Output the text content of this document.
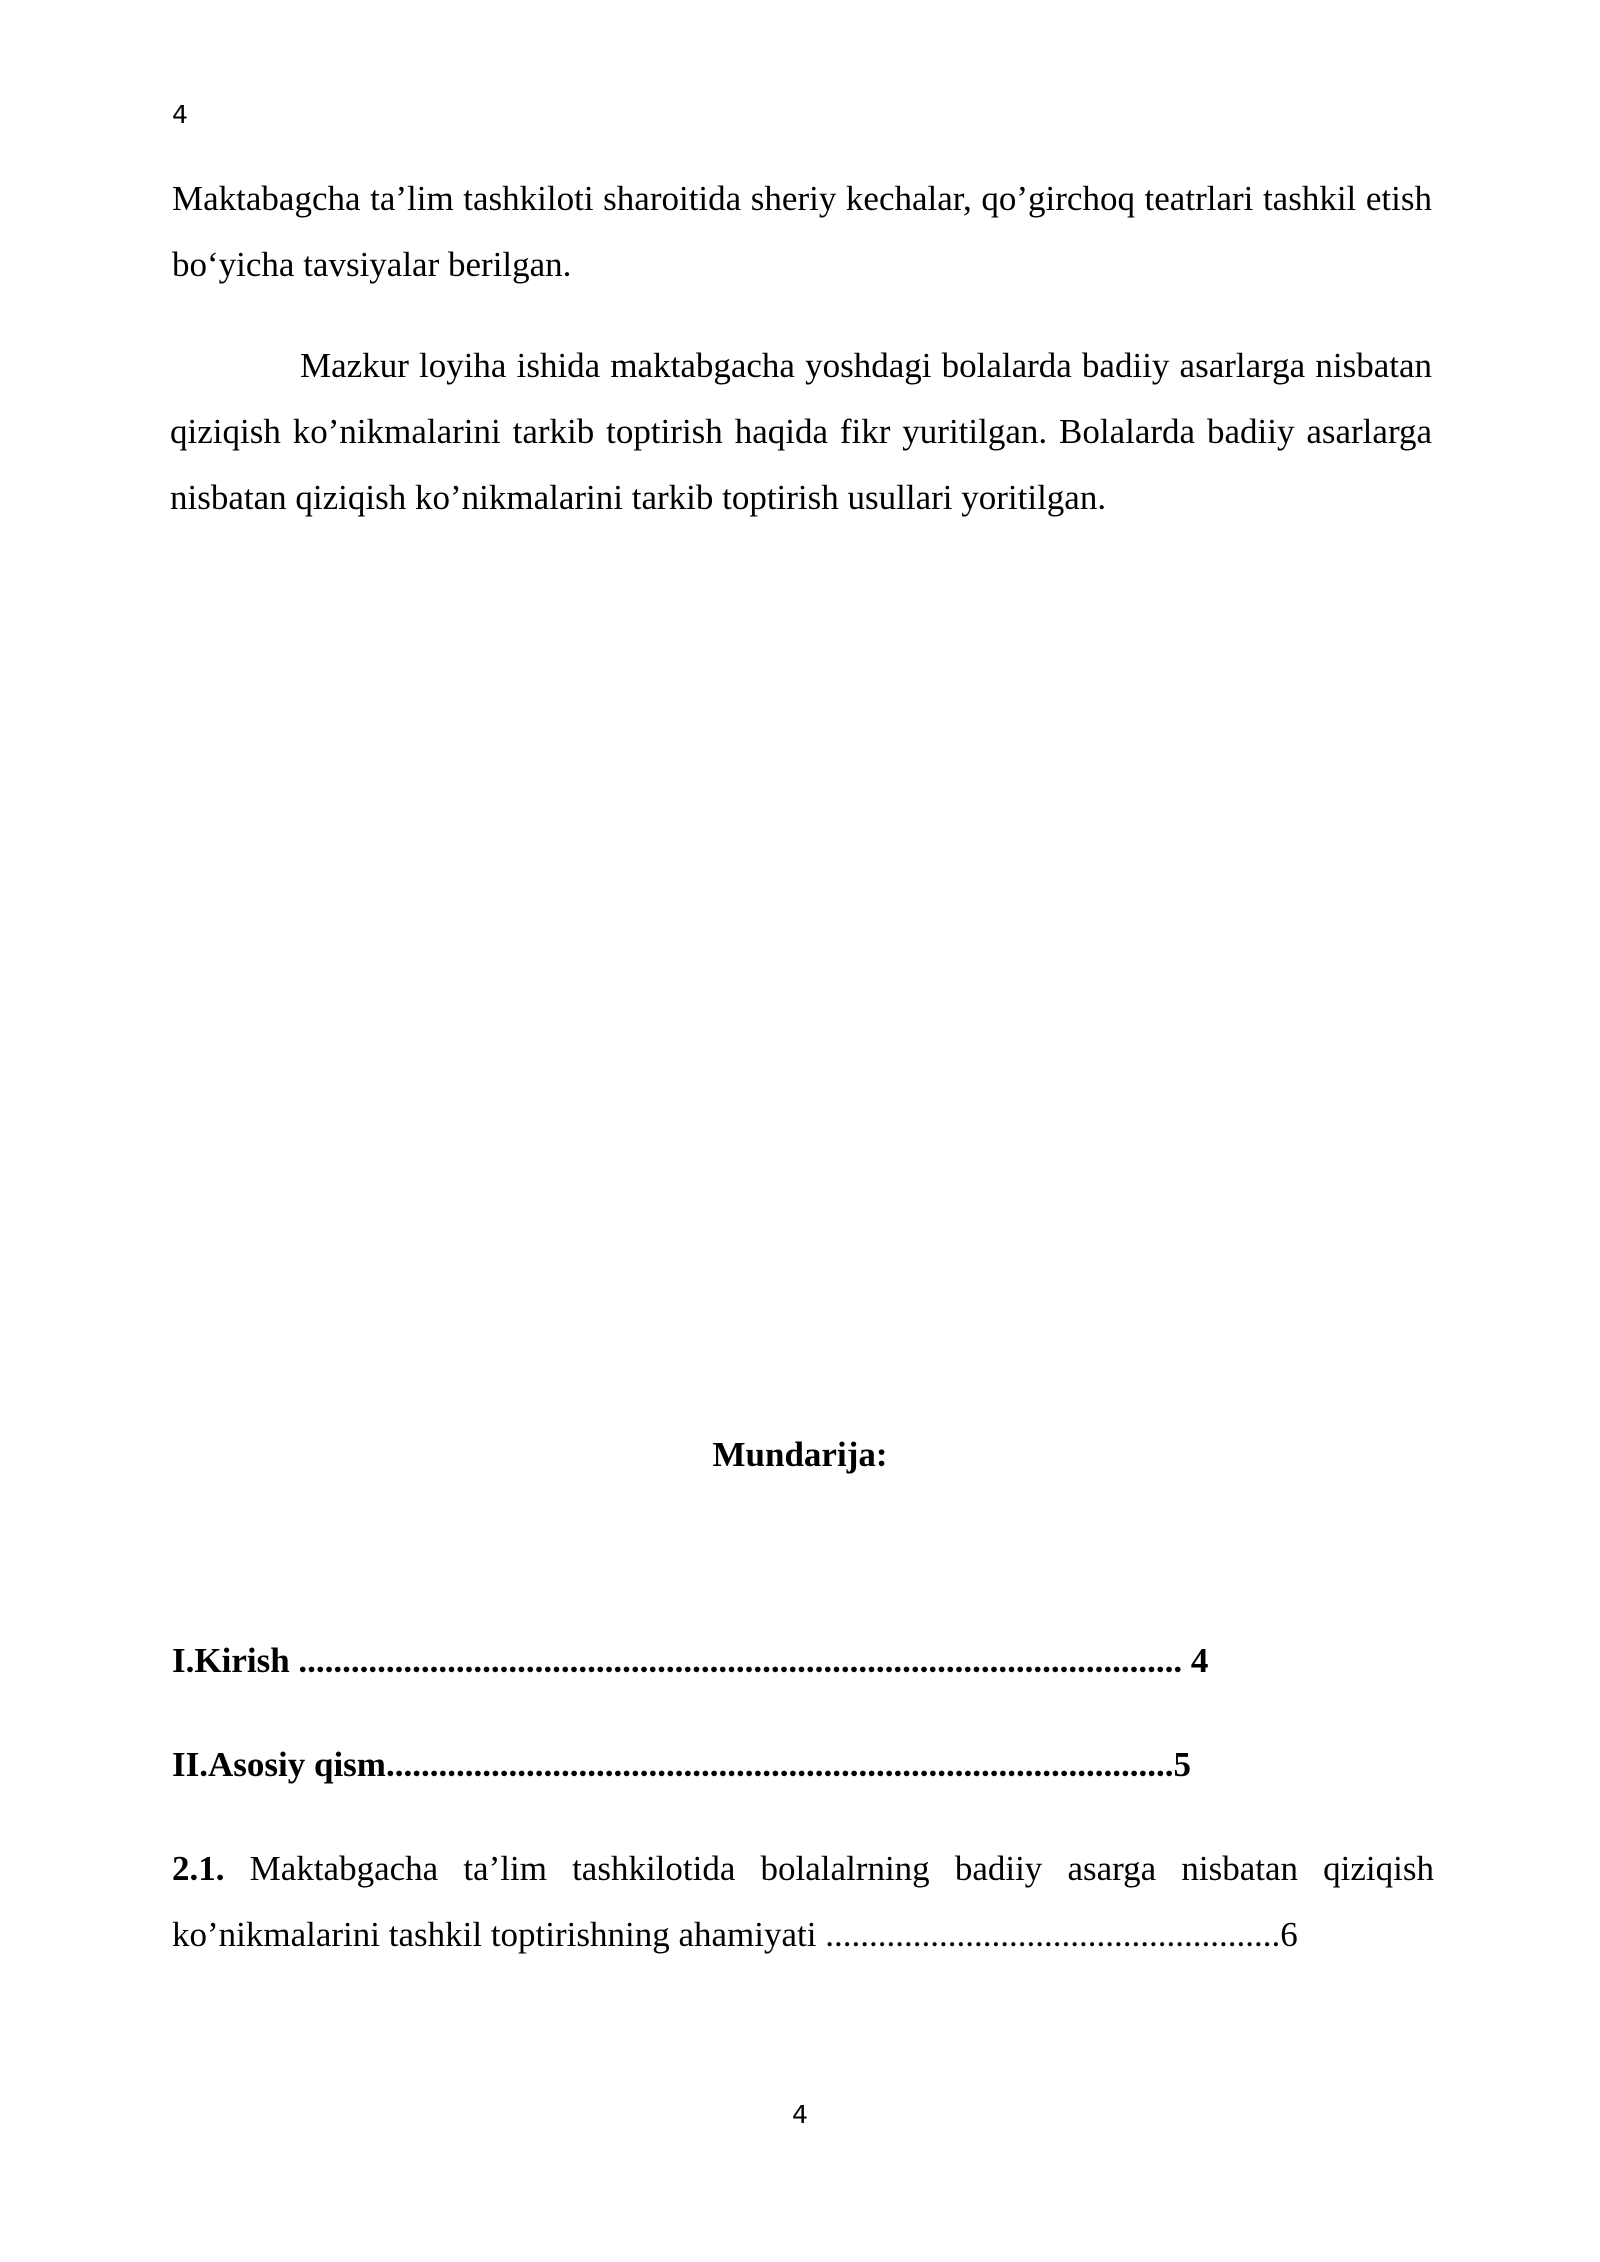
4

Maktabagcha ta’lim tashkiloti sharoitida sheriy kechalar, qo’girchoq teatrlari tashkil etish bo‘yicha tavsiyalar berilgan.

Mazkur loyiha ishida maktabgacha yoshdagi bolalarda badiiy asarlarga nisbatan qiziqish ko’nikmalarini tarkib toptirish haqida fikr yuritilgan. Bolalarda badiiy asarlarga nisbatan qiziqish ko’nikmalarini tarkib toptirish usullari yoritilgan.

Mundarija:
I.Kirish ..................................................................................................... 4
II.Asosiy qism..........................................................................................5

2.1. Maktabgacha ta’lim tashkilotida bolalalrning badiiy asarga nisbatan qiziqish ko’nikmalarini tashkil toptirishning ahamiyati ....................................................6

4
